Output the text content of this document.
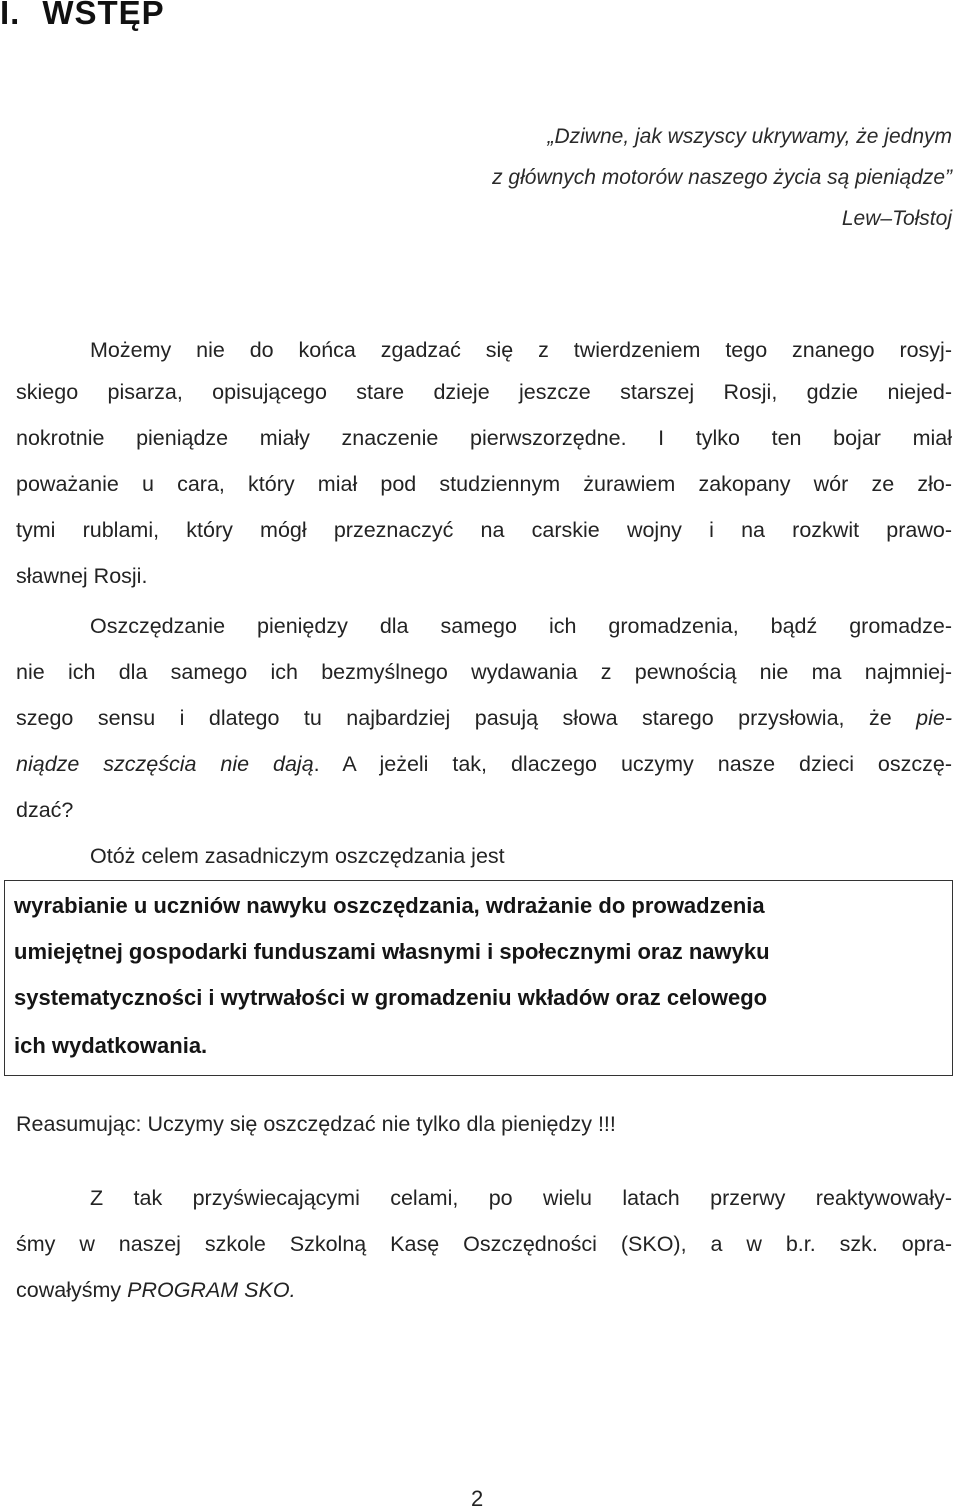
I. WSTĘP
„Dziwne, jak wszyscy ukrywamy, że jednym
z głównych motorów naszego życia są pieniądze”
Lew–Tołstoj
Możemy nie do końca zgadzać się z twierdzeniem tego znanego rosyj-
skiego pisarza, opisującego stare dzieje jeszcze starszej Rosji, gdzie niejed-
nokrotnie pieniądze miały znaczenie pierwszorzędne. I tylko ten bojar miał
poważanie u cara, który miał pod studziennym żurawiem zakopany wór ze zło-
tymi rublami, który mógł przeznaczyć na carskie wojny i na rozkwit prawo-
sławnej Rosji.
Oszczędzanie pieniędzy dla samego ich gromadzenia, bądź gromadze-
nie ich dla samego ich bezmyślnego wydawania z pewnością nie ma najmniej-
szego sensu i dlatego tu najbardziej pasują słowa starego przysłowia, że pie-
niądze szczęścia nie dają. A jeżeli tak, dlaczego uczymy nasze dzieci oszczę-
dzać?
Otóż celem zasadniczym oszczędzania jest
wyrabianie u uczniów nawyku oszczędzania, wdrażanie do prowadzenia
umiejętnej gospodarki funduszami własnymi i społecznymi oraz nawyku
systematyczności i wytrwałości w gromadzeniu wkładów oraz celowego
ich wydatkowania.
Reasumując: Uczymy się oszczędzać nie tylko dla pieniędzy !!!
Z tak przyświecającymi celami, po wielu latach przerwy reaktywowały-
śmy w naszej szkole Szkolną Kasę Oszczędności (SKO), a w b.r. szk. opra-
cowałyśmy PROGRAM SKO.
2
